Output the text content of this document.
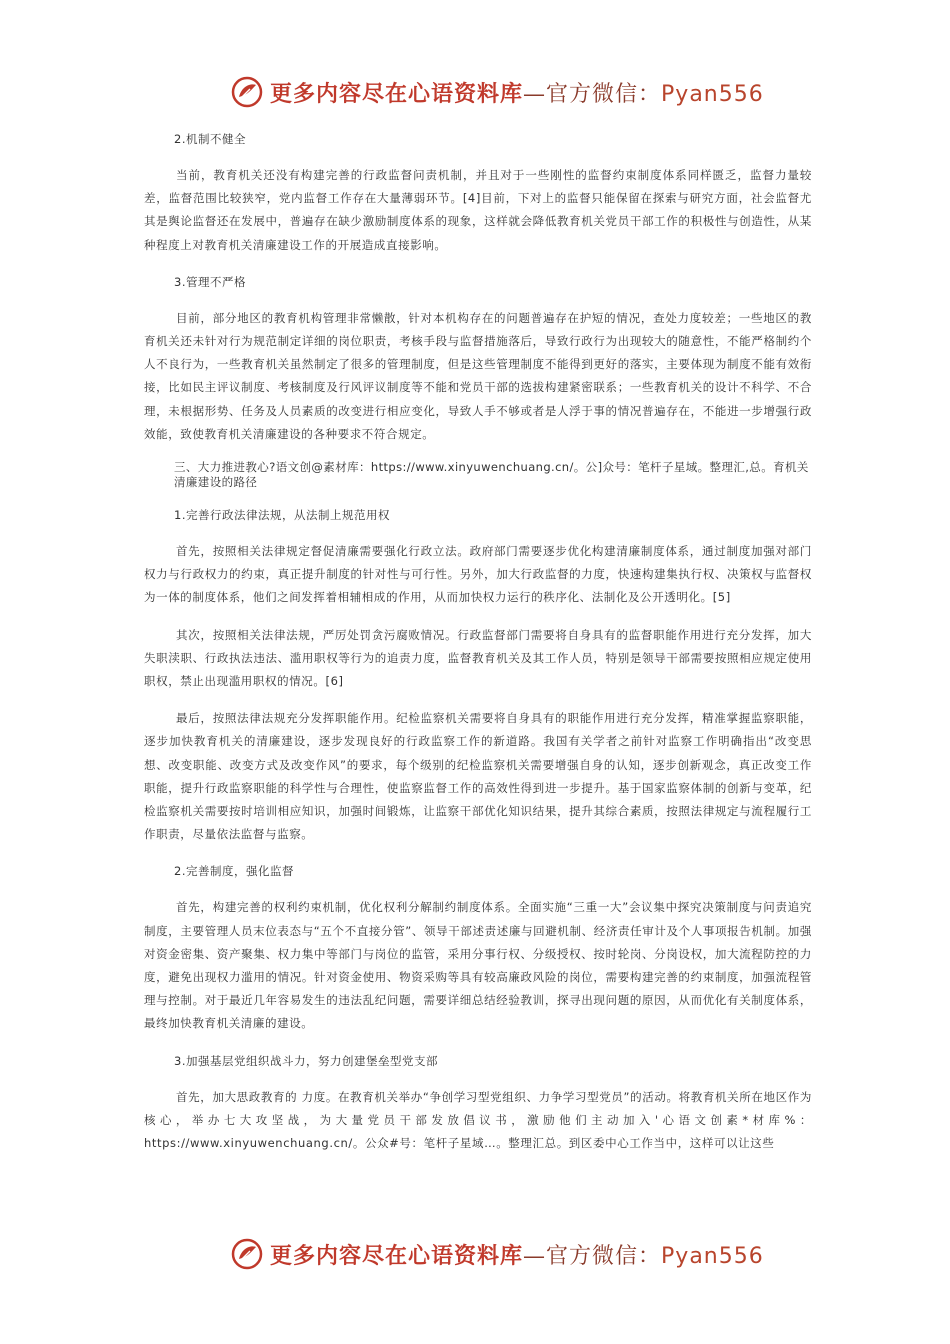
更多内容尽在心语资料库—官方微信：Pyan556
2.机制不健全
当前，教育机关还没有构建完善的行政监督问责机制，并且对于一些刚性的监督约束制度体系同样匮乏，监督力量较差，监督范围比较狭窄，党内监督工作存在大量薄弱环节。[4]目前，下对上的监督只能保留在探索与研究方面，社会监督尤其是舆论监督还在发展中，普遍存在缺少激励制度体系的现象，这样就会降低教育机关党员干部工作的积极性与创造性，从某种程度上对教育机关清廉建设工作的开展造成直接影响。
3.管理不严格
目前，部分地区的教育机构管理非常懒散，针对本机构存在的问题普遍存在护短的情况，查处力度较差；一些地区的教育机关还未针对行为规范制定详细的岗位职责，考核手段与监督措施落后，导致行政行为出现较大的随意性，不能严格制约个人不良行为，一些教育机关虽然制定了很多的管理制度，但是这些管理制度不能得到更好的落实，主要体现为制度不能有效衔接，比如民主评议制度、考核制度及行风评议制度等不能和党员干部的选拔构建紧密联系；一些教育机关的设计不科学、不合理，未根据形势、任务及人员素质的改变进行相应变化，导致人手不够或者是人浮于事的情况普遍存在，不能进一步增强行政效能，致使教育机关清廉建设的各种要求不符合规定。
三、大力推进教心?语文创@素材库：https://www.xinyuwenchuang.cn/。公]众号：笔杆子星域。整理汇,总。育机关清廉建设的路径
1.完善行政法律法规，从法制上规范用权
首先，按照相关法律规定督促清廉需要强化行政立法。政府部门需要逐步优化构建清廉制度体系，通过制度加强对部门权力与行政权力的约束，真正提升制度的针对性与可行性。另外，加大行政监督的力度，快速构建集执行权、决策权与监督权为一体的制度体系，他们之间发挥着相辅相成的作用，从而加快权力运行的秩序化、法制化及公开透明化。[5]
其次，按照相关法律法规，严厉处罚贪污腐败情况。行政监督部门需要将自身具有的监督职能作用进行充分发挥，加大失职渎职、行政执法违法、滥用职权等行为的追责力度，监督教育机关及其工作人员，特别是领导干部需要按照相应规定使用职权，禁止出现滥用职权的情况。[6]
最后，按照法律法规充分发挥职能作用。纪检监察机关需要将自身具有的职能作用进行充分发挥，精准掌握监察职能，逐步加快教育机关的清廉建设，逐步发现良好的行政监察工作的新道路。我国有关学者之前针对监察工作明确指出“改变思想、改变职能、改变方式及改变作风”的要求，每个级别的纪检监察机关需要增强自身的认知，逐步创新观念，真正改变工作职能，提升行政监察职能的科学性与合理性，使监察监督工作的高效性得到进一步提升。基于国家监察体制的创新与变革，纪检监察机关需要按时培训相应知识，加强时间锻炼，让监察干部优化知识结果，提升其综合素质，按照法律规定与流程履行工作职责，尽量依法监督与监察。
2.完善制度，强化监督
首先，构建完善的权利约束机制，优化权利分解制约制度体系。全面实施“三重一大”会议集中探究决策制度与问责追究制度，主要管理人员末位表态与“五个不直接分管”、领导干部述责述廉与回避机制、经济责任审计及个人事项报告机制。加强对资金密集、资产聚集、权力集中等部门与岗位的监管，采用分事行权、分级授权、按时轮岗、分岗设权，加大流程防控的力度，避免出现权力滥用的情况。针对资金使用、物资采购等具有较高廉政风险的岗位，需要构建完善的约束制度，加强流程管理与控制。对于最近几年容易发生的违法乱纪问题，需要详细总结经验教训，探寻出现问题的原因，从而优化有关制度体系，最终加快教育机关清廉的建设。
3.加强基层党组织战斗力，努力创建堡垒型党支部
首先，加大思政教育的 力度。在教育机关举办“争创学习型党组织、力争学习型党员”的活动。将教育机关所在地区作为核心，举办七大攻坚战，为大量党员干部发放倡议书，激励他们主动加入'心语文创素*材库%：https://www.xinyuwenchuang.cn/。公众#号：笔杆子星域…。整理汇总。到区委中心工作当中，这样可以让这些
更多内容尽在心语资料库—官方微信：Pyan556
